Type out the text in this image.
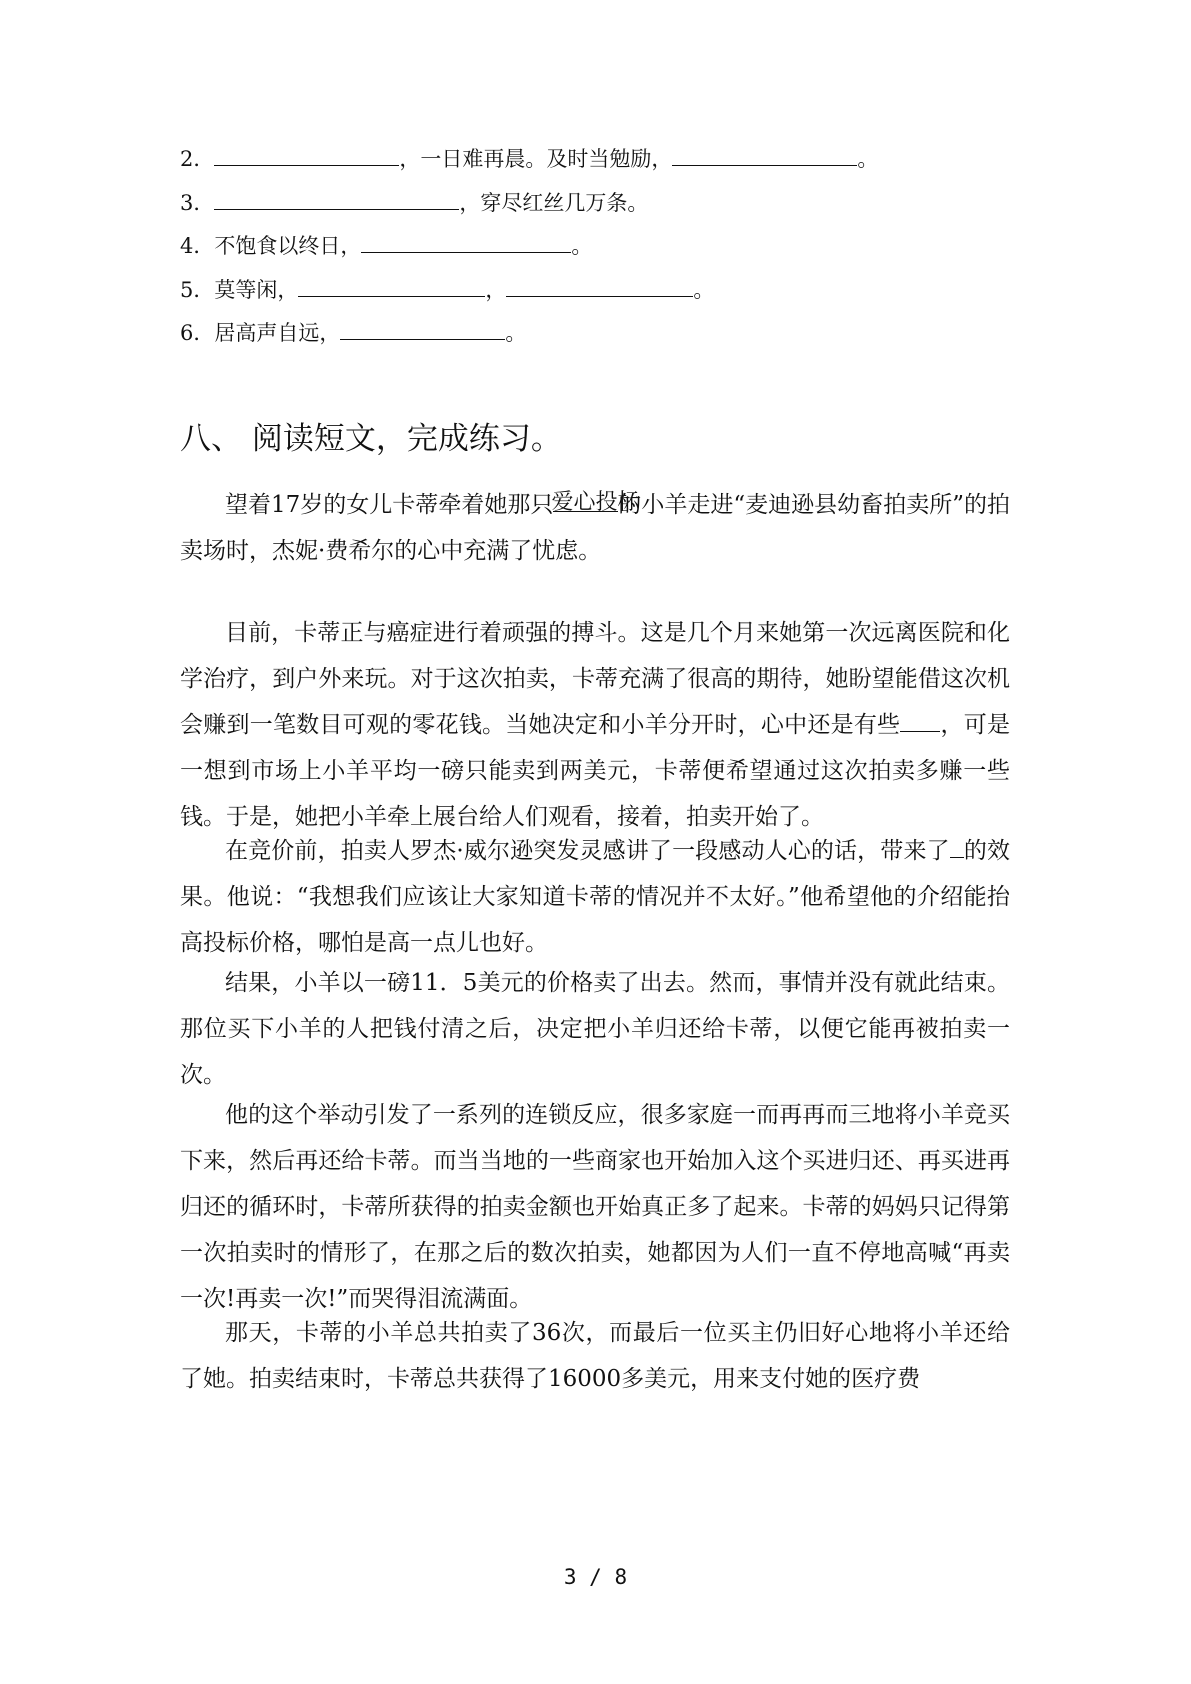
2．	，一日难再晨。及时当勉励，	。
3．	，穿尽红丝几万条。
4．不饱食以终日，	。
5．莫等闲，	，	。
6．居高声自远，	。
八、 阅读短文，完成练习。
爱心投标
望着17岁的女儿卡蒂牵着她那只	的小羊走进“麦迪逊县幼畜拍卖所”的拍卖场时，杰妮·费希尔的心中充满了忧虑。
目前，卡蒂正与癌症进行着顽强的搏斗。这是几个月来她第一次远离医院和化学治疗，到户外来玩。对于这次拍卖，卡蒂充满了很高的期待，她盼望能借这次机会赚到一笔数目可观的零花钱。当她决定和小羊分开时，心中还是有些 ，可是一想到市场上小羊平均一磅只能卖到两美元，卡蒂便希望通过这次拍卖多赚一些钱。于是，她把小羊牵上展台给人们观看，接着，拍卖开始了。
在竞价前，拍卖人罗杰·威尔逊突发灵感讲了一段感动人心的话，带来了 的效果。他说：“我想我们应该让大家知道卡蒂的情况并不太好。”他希望他的介绍能抬高投标价格，哪怕是高一点儿也好。
结果，小羊以一磅11．5美元的价格卖了出去。然而，事情并没有就此结束。那位买下小羊的人把钱付清之后，决定把小羊归还给卡蒂，以便它能再被拍卖一次。
他的这个举动引发了一系列的连锁反应，很多家庭一而再再而三地将小羊竞买下来，然后再还给卡蒂。而当当地的一些商家也开始加入这个买进归还、再买进再归还的循环时，卡蒂所获得的拍卖金额也开始真正多了起来。卡蒂的妈妈只记得第一次拍卖时的情形了，在那之后的数次拍卖，她都因为人们一直不停地高喊“再卖一次!再卖一次!”而哭得泪流满面。
那天，卡蒂的小羊总共拍卖了36次，而最后一位买主仍旧好心地将小羊还给了她。拍卖结束时，卡蒂总共获得了16000多美元，用来支付她的医疗费
3 / 8
